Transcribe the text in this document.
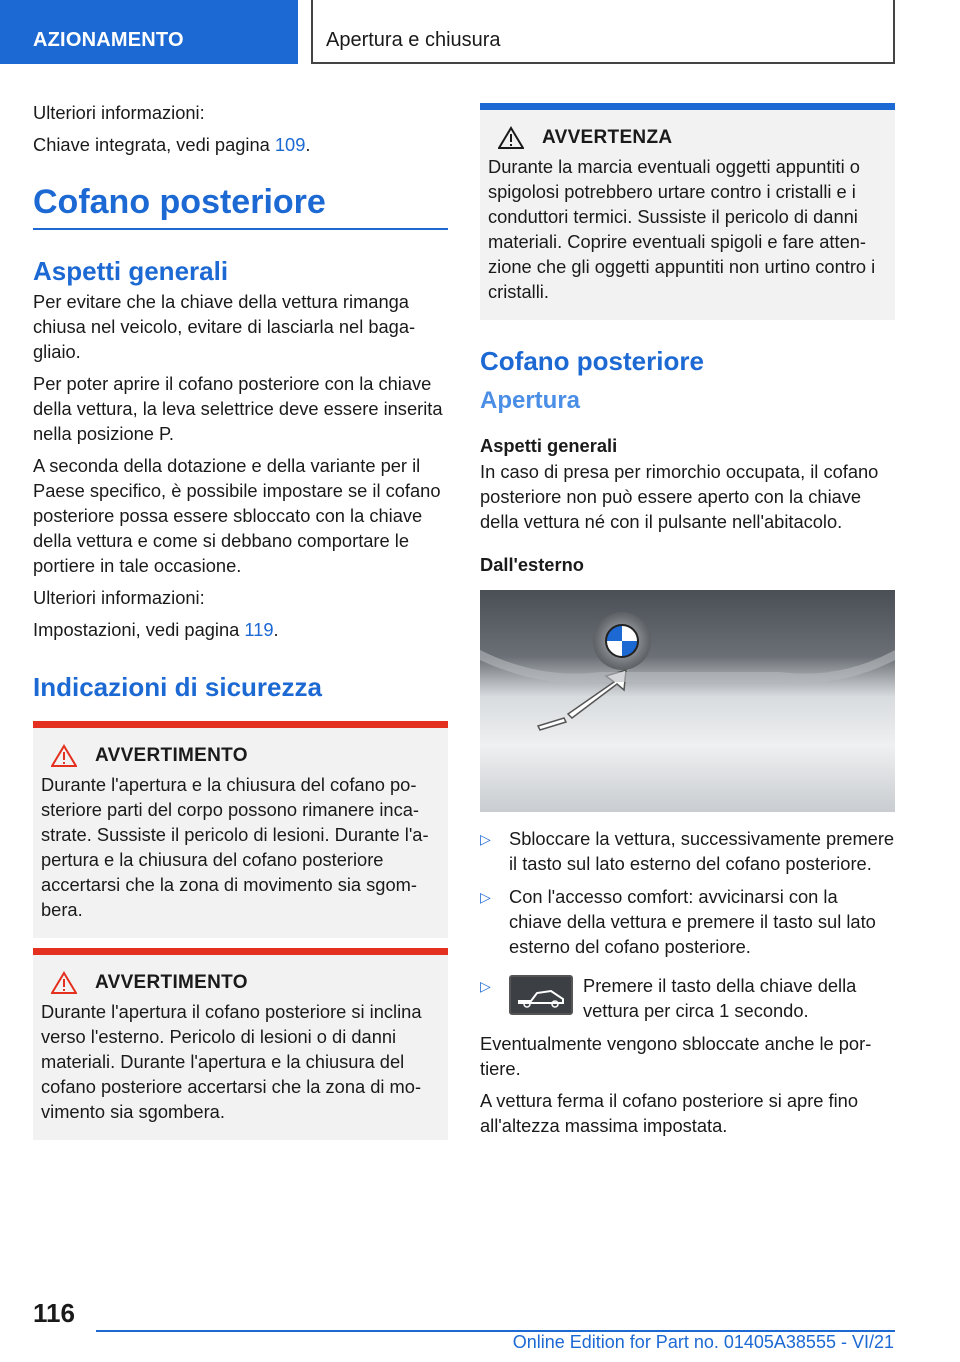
AZIONAMENTO	Apertura e chiusura

Ulteriori informazioni:

Chiave integrata, vedi pagina 109.

Cofano posteriore
Aspetti generali

Per evitare che la chiave della vettura rimanga chiusa nel veicolo, evitare di lasciarla nel bagagliaio.

Per poter aprire il cofano posteriore con la chiave della vettura, la leva selettrice deve essere inserita nella posizione P.

A seconda della dotazione e della variante per il Paese specifico, è possibile impostare se il cofano posteriore possa essere sbloccato con la chiave della vettura e come si debbano comportare le portiere in tale occasione.

Ulteriori informazioni:

Impostazioni, vedi pagina 119.

Indicazioni di sicurezza
AVVERTIMENTO

Durante l'apertura e la chiusura del cofano posteriore parti del corpo possono rimanere incastrate. Sussiste il pericolo di lesioni. Durante l'apertura e la chiusura del cofano posteriore accertarsi che la zona di movimento sia sgombera.

AVVERTIMENTO

Durante l'apertura il cofano posteriore si inclina verso l'esterno. Pericolo di lesioni o di danni materiali. Durante l'apertura e la chiusura del cofano posteriore accertarsi che la zona di movimento sia sgombera.

AVVERTENZA

Durante la marcia eventuali oggetti appuntiti o spigolosi potrebbero urtare contro i cristalli e i conduttori termici. Sussiste il pericolo di danni materiali. Coprire eventuali spigoli e fare attenzione che gli oggetti appuntiti non urtino contro i cristalli.

Cofano posteriore
Apertura
Aspetti generali

In caso di presa per rimorchio occupata, il cofano posteriore non può essere aperto con la chiave della vettura né con il pulsante nell'abitacolo.

Dall'esterno
▷ Sbloccare la vettura, successivamente premere il tasto sul lato esterno del cofano posteriore.
▷ Con l'accesso comfort: avvicinarsi con la chiave della vettura e premere il tasto sul lato esterno del cofano posteriore.
▷	Premere il tasto della chiave della vettura per circa 1 secondo.

Eventualmente vengono sbloccate anche le portiere.

A vettura ferma il cofano posteriore si apre fino all'altezza massima impostata.

116
Online Edition for Part no. 01405A38555 - VI/21
